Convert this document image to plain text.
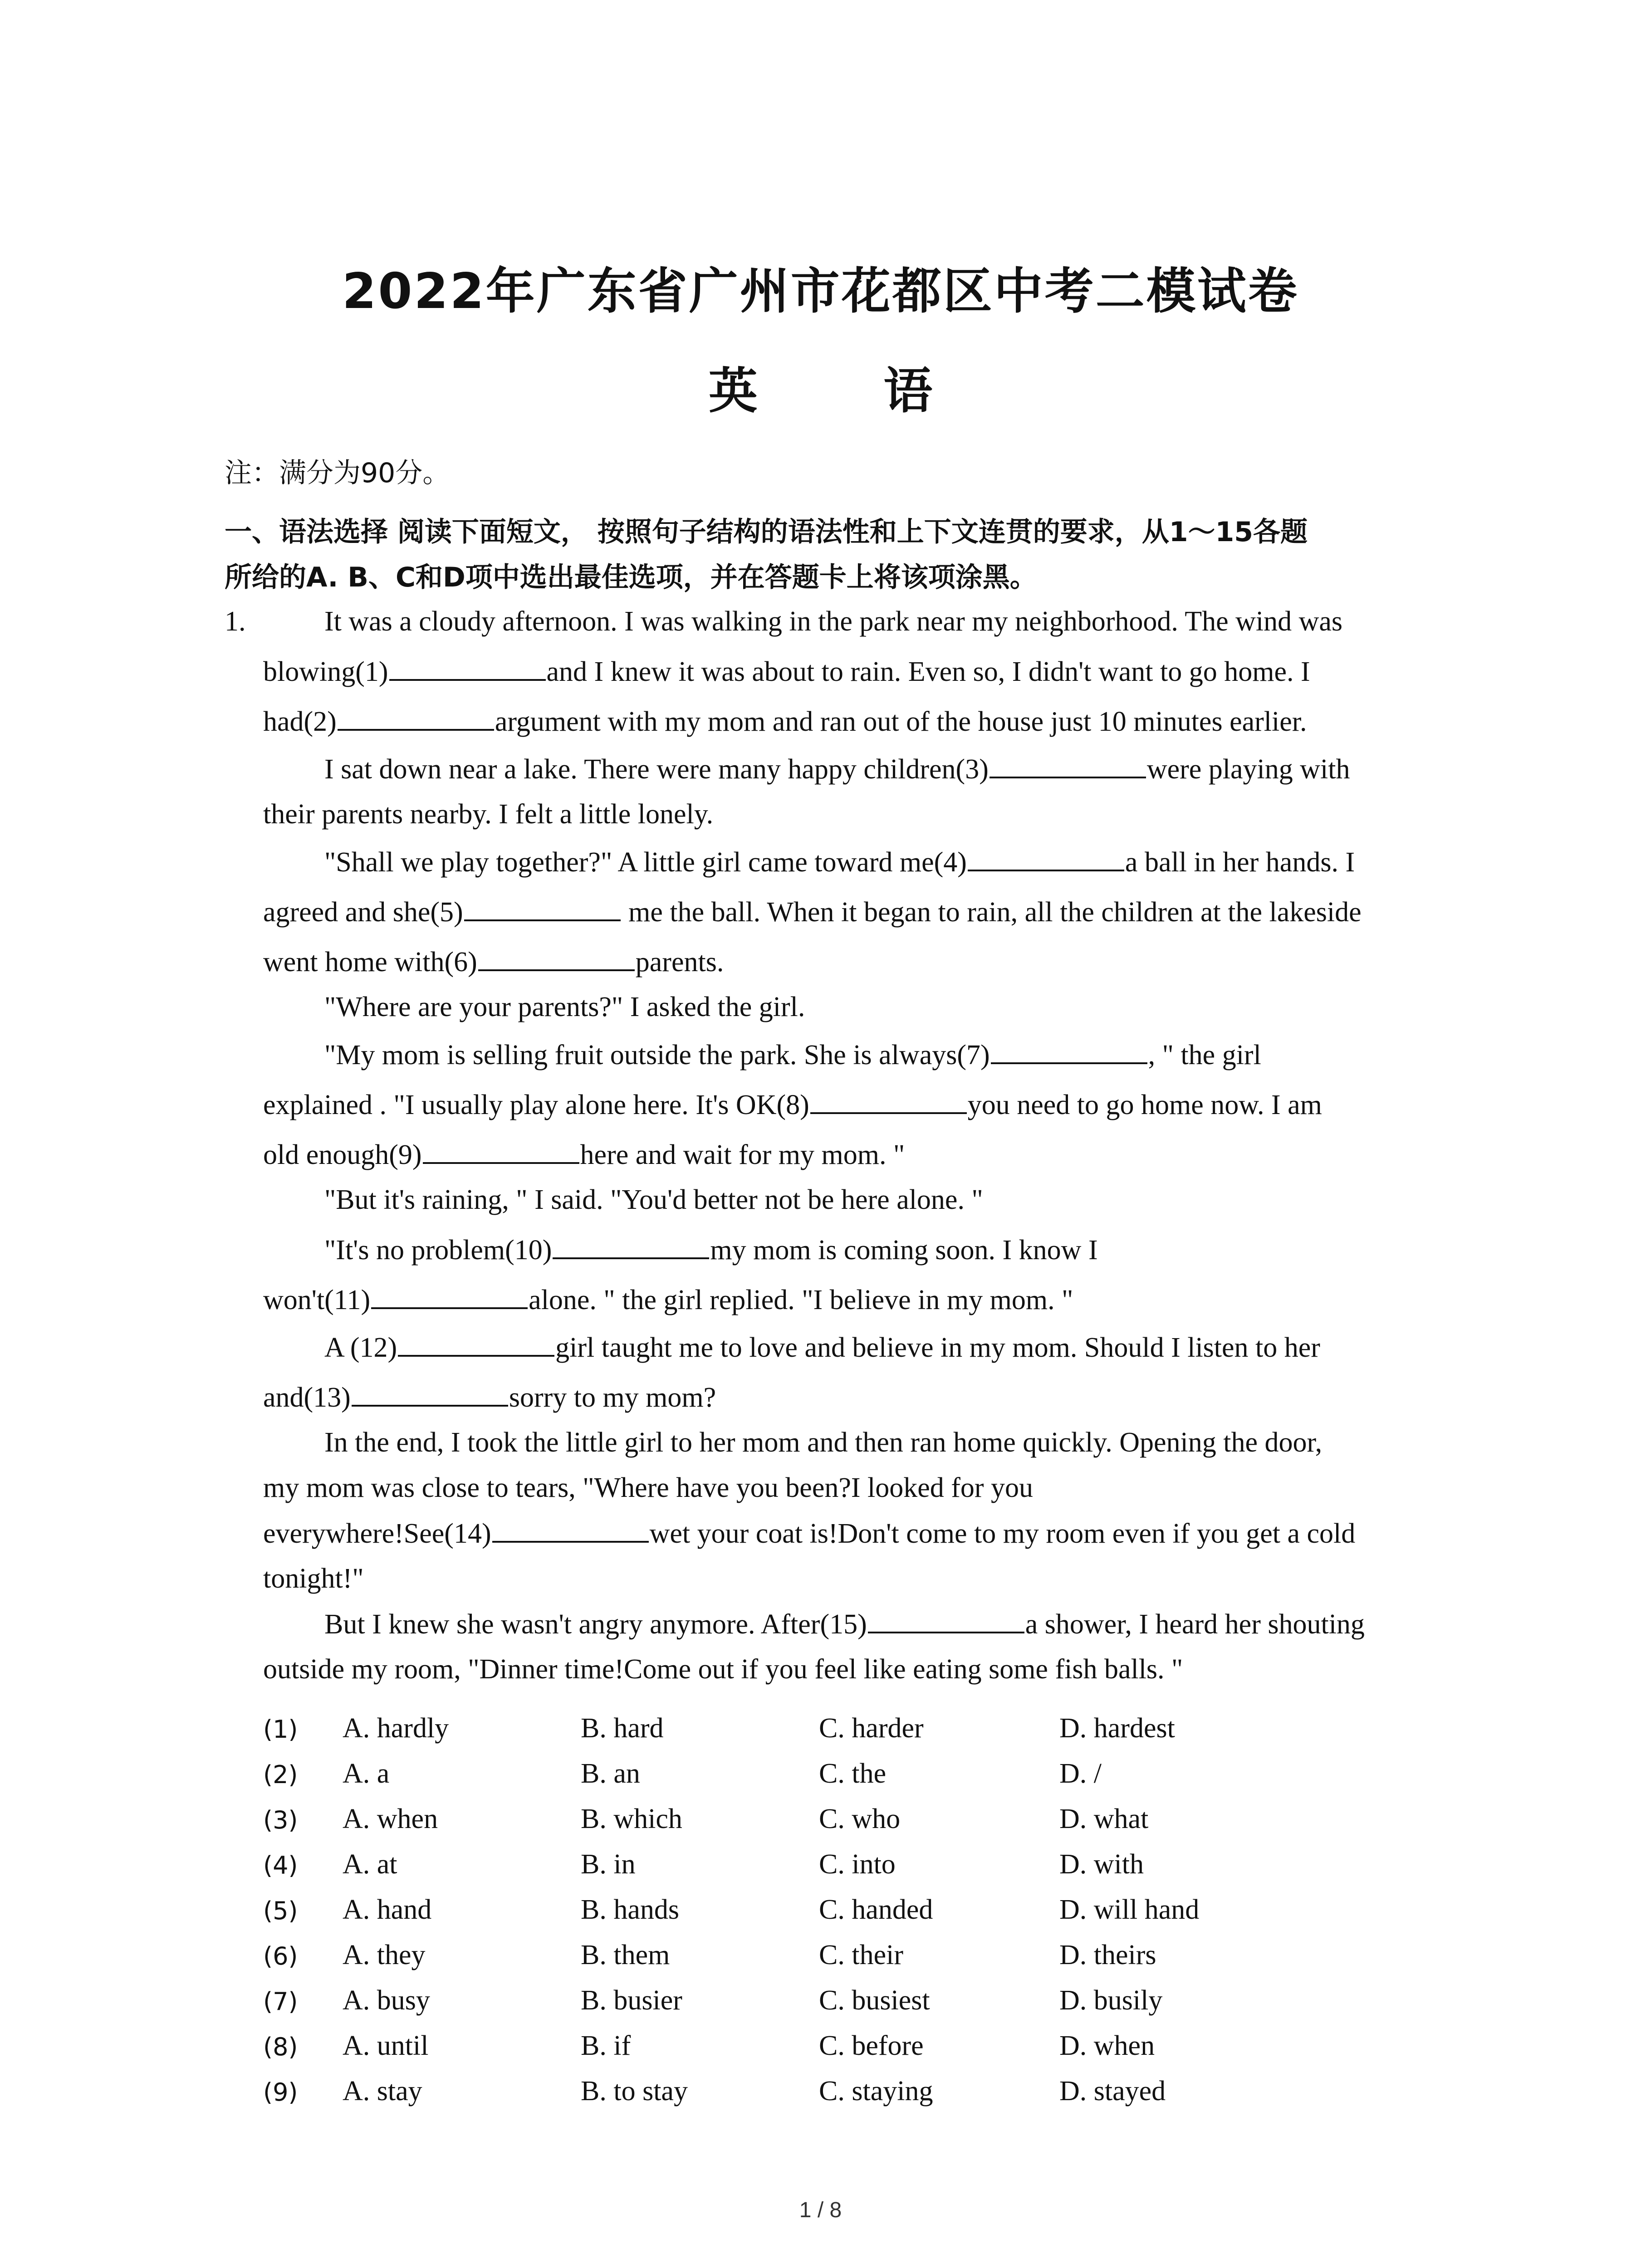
2022年广东省广州市花都区中考二模试卷
英 语
注：满分为90分。
一、语法选择 阅读下面短文， 按照句子结构的语法性和上下文连贯的要求，从1～15各题
所给的A. B、C和D项中选出最佳选项，并在答题卡上将该项涂黑。
1.	It was a cloudy afternoon. I was walking in the park near my neighborhood. The wind was
blowing(1)	and I knew it was about to rain. Even so, I didn't want to go home. I
had(2)	argument with my mom and ran out of the house just 10 minutes earlier.
I sat down near a lake. There were many happy children(3)	were playing with
their parents nearby. I felt a little lonely.
"Shall we play together?" A little girl came toward me(4)	a ball in her hands. I
agreed and she(5)	me the ball. When it began to rain, all the children at the lakeside
went home with(6)	parents.
"Where are your parents?" I asked the girl.
"My mom is selling fruit outside the park. She is always(7)	, " the girl
explained . "I usually play alone here. It's OK(8)	you need to go home now. I am
old enough(9)	here and wait for my mom. "
"But it's raining, " I said. "You'd better not be here alone. "
"It's no problem(10)	my mom is coming soon. I know I
won't(11)	alone. " the girl replied. "I believe in my mom. "
A (12)	girl taught me to love and believe in my mom. Should I listen to her
and(13)	sorry to my mom?
In the end, I took the little girl to her mom and then ran home quickly. Opening the door,
my mom was close to tears, "Where have you been?I looked for you
everywhere!See(14)	wet your coat is!Don't come to my room even if you get a cold
tonight!"
But I knew she wasn't angry anymore. After(15)	a shower, I heard her shouting
outside my room, "Dinner time!Come out if you feel like eating some fish balls. "
(1) A. hardly	B. hard	C. harder	D. hardest
(2) A. a	B. an	C. the	D. /
(3) A. when	B. which	C. who	D. what
(4) A. at	B. in	C. into	D. with
(5) A. hand	B. hands	C. handed	D. will hand
(6) A. they	B. them	C. their	D. theirs
(7) A. busy	B. busier	C. busiest	D. busily
(8) A. until	B. if	C. before	D. when
(9) A. stay	B. to stay	C. staying	D. stayed
1 / 8
